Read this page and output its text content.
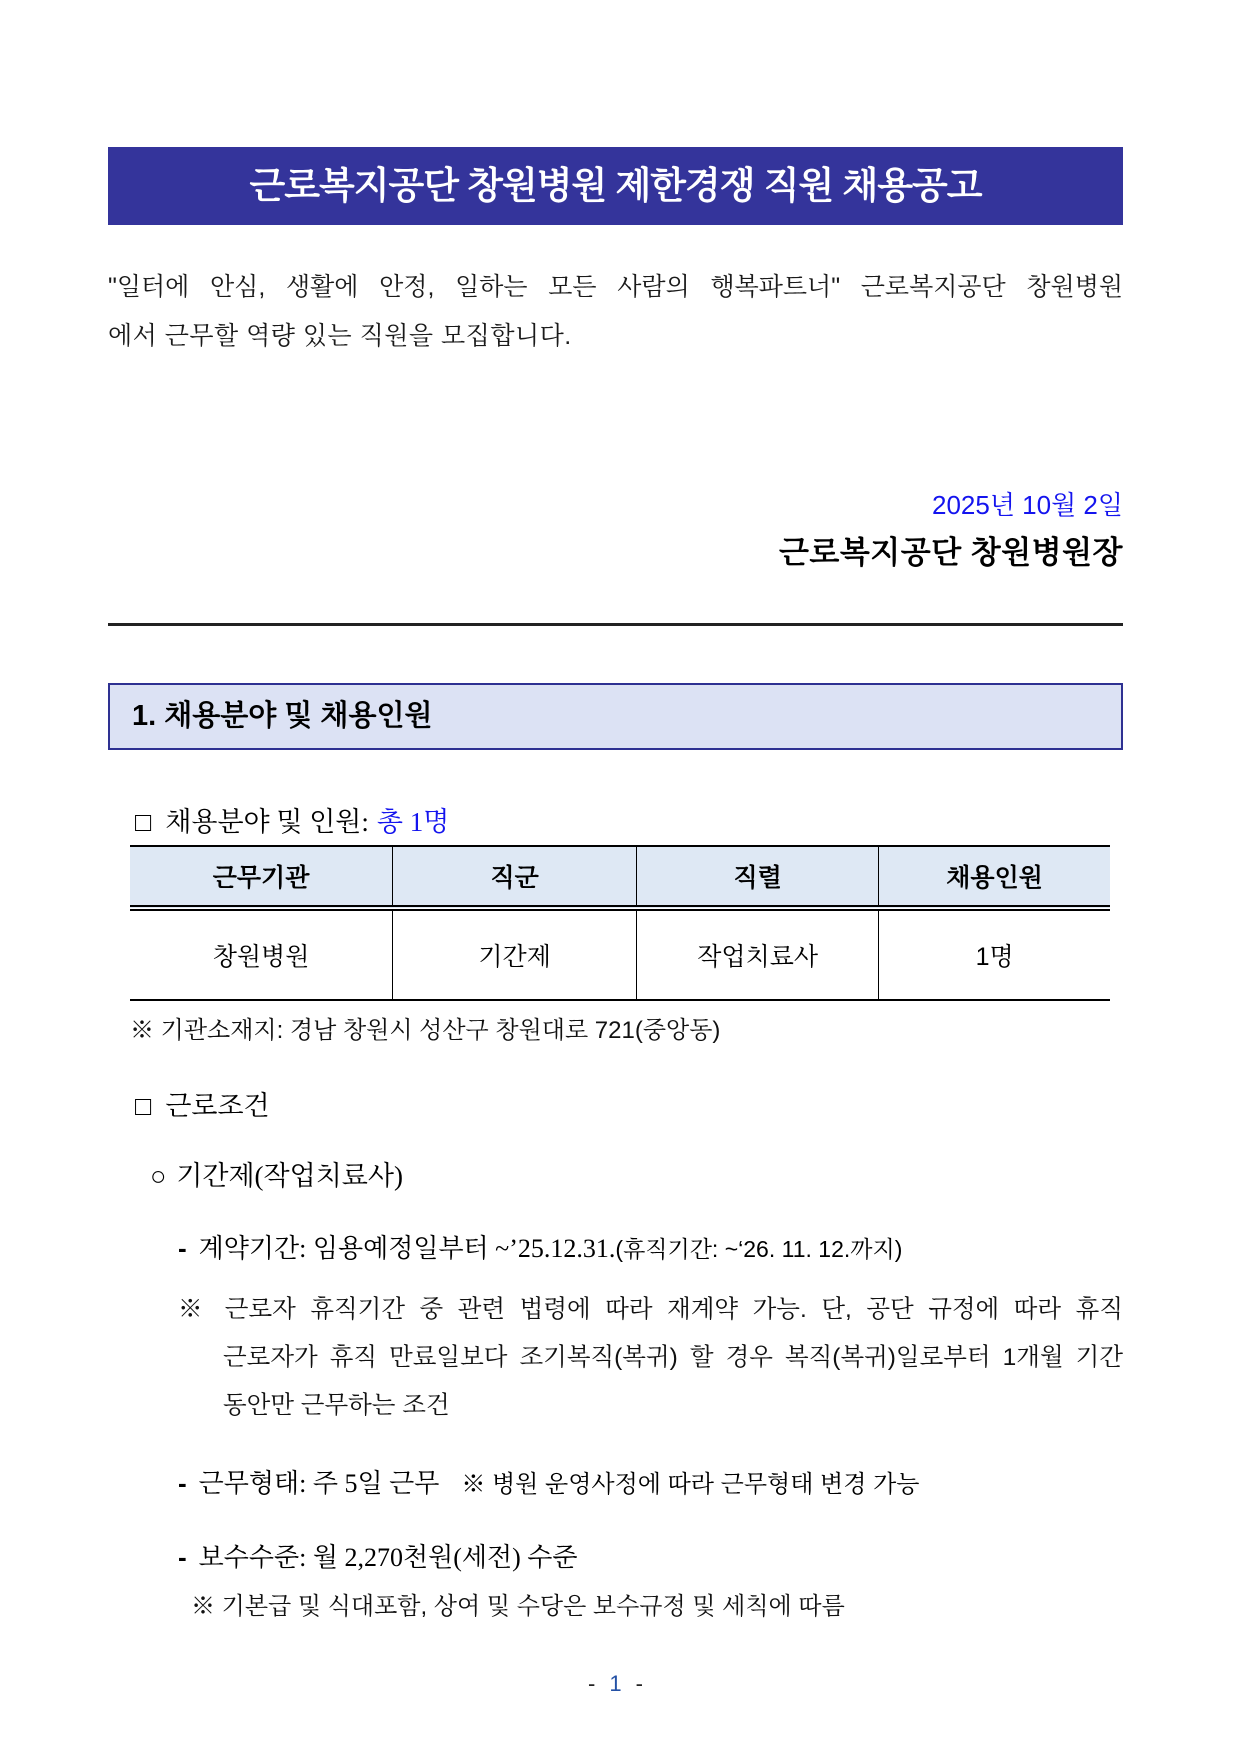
근로복지공단 창원병원 제한경쟁 직원 채용공고
"일터에 안심, 생활에 안정, 일하는 모든 사람의 행복파트너" 근로복지공단 창원병원
에서 근무할 역량 있는 직원을 모집합니다.
2025년 10월 2일
근로복지공단 창원병원장
1. 채용분야 및 채용인원
□ 채용분야 및 인원: 총 1명
근무기관	직군	직렬	채용인원
창원병원	기간제	작업치료사	1명
※ 기관소재지: 경남 창원시 성산구 창원대로 721(중앙동)
□ 근로조건
○ 기간제(작업치료사)
- 계약기간: 임용예정일부터 ~’25.12.31.(휴직기간: ~‘26. 11. 12.까지)
※ 근로자 휴직기간 중 관련 법령에 따라 재계약 가능. 단, 공단 규정에 따라 휴직
근로자가 휴직 만료일보다 조기복직(복귀) 할 경우 복직(복귀)일로부터 1개월 기간
동안만 근무하는 조건
- 근무형태: 주 5일 근무 ※ 병원 운영사정에 따라 근무형태 변경 가능
- 보수수준: 월 2,270천원(세전) 수준
※ 기본급 및 식대포함, 상여 및 수당은 보수규정 및 세칙에 따름
- 1 -
